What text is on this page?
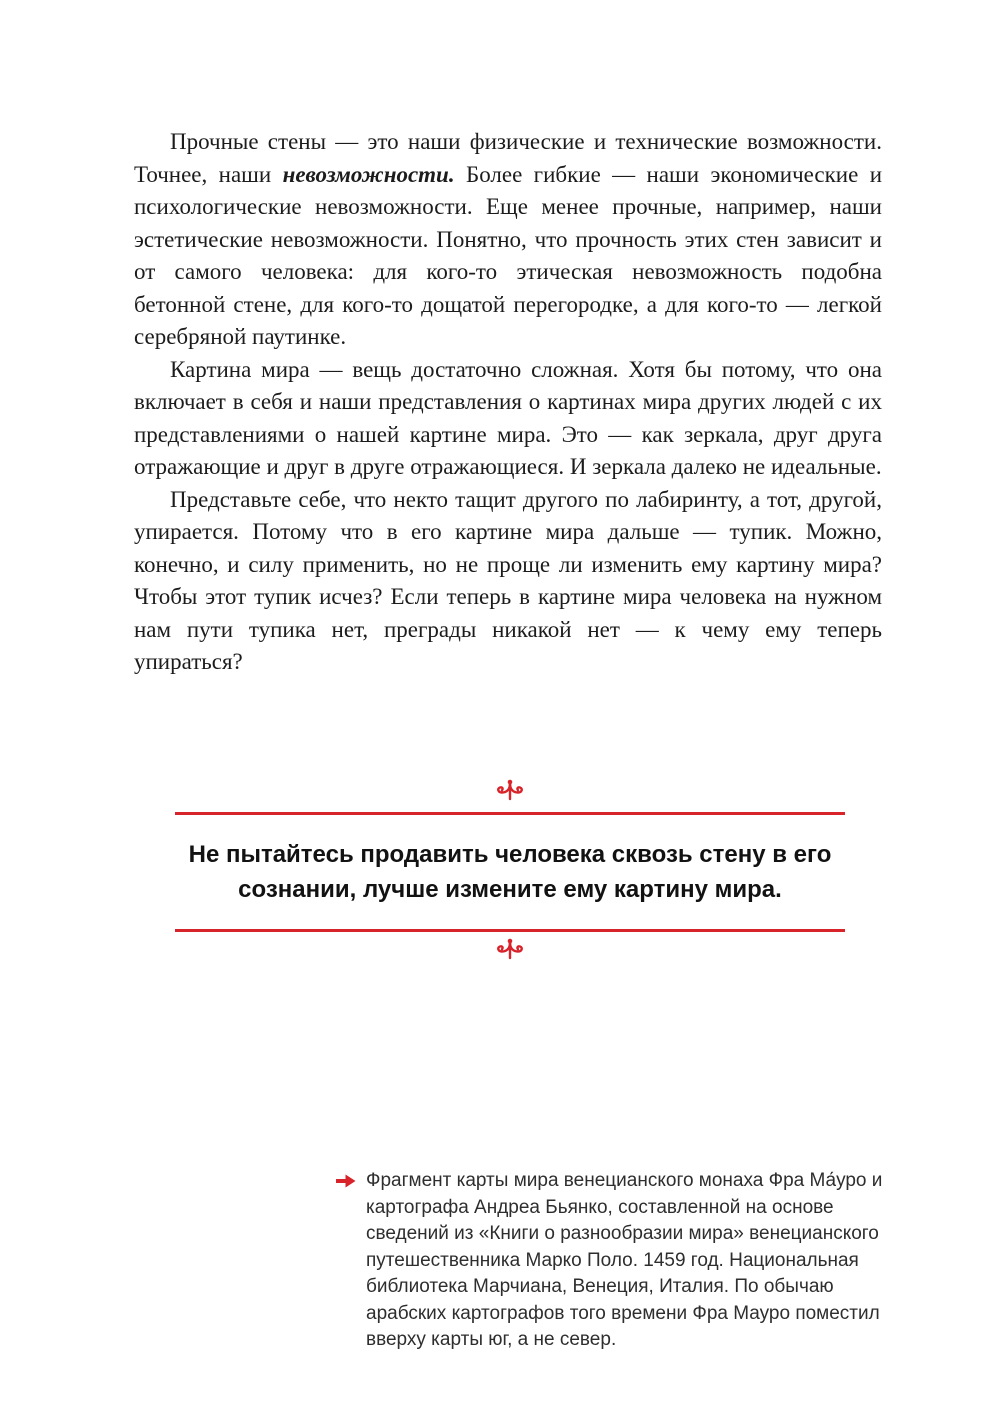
Прочные стены — это наши физические и технические возможности. Точнее, наши невозможности. Более гибкие — наши экономические и психологические невозможности. Еще менее прочные, например, наши эстетические невозможности. Понятно, что прочность этих стен зависит и от самого человека: для кого-то этическая невозможность подобна бетонной стене, для кого-то дощатой перегородке, а для кого-то — легкой серебряной паутинке.

Картина мира — вещь достаточно сложная. Хотя бы потому, что она включает в себя и наши представления о картинах мира других людей с их представлениями о нашей картине мира. Это — как зеркала, друг друга отражающие и друг в друге отражающиеся. И зеркала далеко не идеальные.

Представьте себе, что некто тащит другого по лабиринту, а тот, другой, упирается. Потому что в его картине мира дальше — тупик. Можно, конечно, и силу применить, но не проще ли изменить ему картину мира? Чтобы этот тупик исчез? Если теперь в картине мира человека на нужном нам пути тупика нет, преграды никакой нет — к чему ему теперь упираться?

Не пытайтесь продавить человека сквозь стену в его сознании, лучше измените ему картину мира.
Фрагмент карты мира венецианского монаха Фра Ма́уро и картографа Андреа Бьянко, составленной на основе сведений из «Книги о разнообразии мира» венецианского путешественника Марко Поло. 1459 год. Национальная библиотека Марчиана, Венеция, Италия. По обычаю арабских картографов того времени Фра Мауро поместил вверху карты юг, а не север.
